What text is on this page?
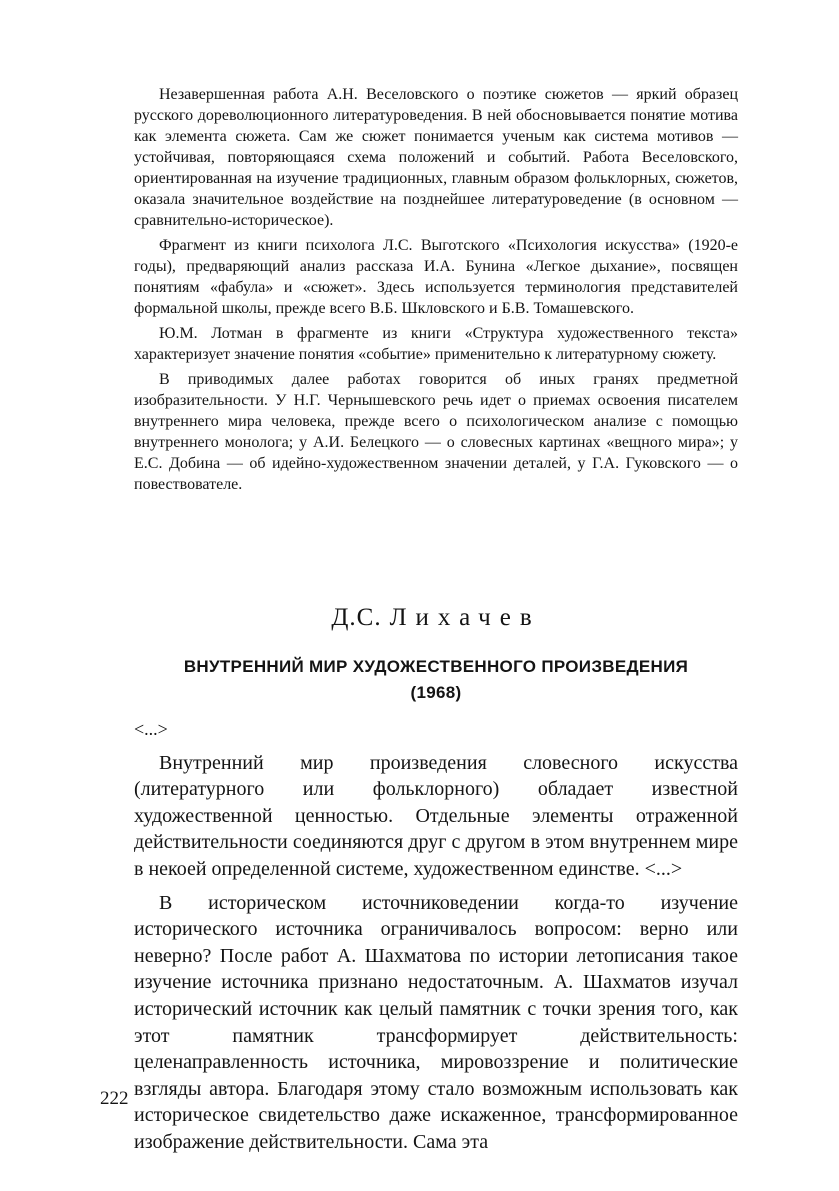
Незавершенная работа А.Н. Веселовского о поэтике сюжетов — яркий образец русского дореволюционного литературоведения. В ней обосновывается понятие мотива как элемента сюжета. Сам же сюжет понимается ученым как система мотивов — устойчивая, повторяющаяся схема положений и событий. Работа Веселовского, ориентированная на изучение традиционных, главным образом фольклорных, сюжетов, оказала значительное воздействие на позднейшее литературоведение (в основном — сравнительно-историческое).

Фрагмент из книги психолога Л.С. Выготского «Психология искусства» (1920-е годы), предваряющий анализ рассказа И.А. Бунина «Легкое дыхание», посвящен понятиям «фабула» и «сюжет». Здесь используется терминология представителей формальной школы, прежде всего В.Б. Шкловского и Б.В. Томашевского.

Ю.М. Лотман в фрагменте из книги «Структура художественного текста» характеризует значение понятия «событие» применительно к литературному сюжету.

В приводимых далее работах говорится об иных гранях предметной изобразительности. У Н.Г. Чернышевского речь идет о приемах освоения писателем внутреннего мира человека, прежде всего о психологическом анализе с помощью внутреннего монолога; у А.И. Белецкого — о словесных картинах «вещного мира»; у Е.С. Добина — об идейно-художественном значении деталей, у Г.А. Гуковского — о повествователе.

Д.С. Лихачев
ВНУТРЕННИЙ МИР ХУДОЖЕСТВЕННОГО ПРОИЗВЕДЕНИЯ
(1968)

<...>

Внутренний мир произведения словесного искусства (литературного или фольклорного) обладает известной художественной ценностью. Отдельные элементы отраженной действительности соединяются друг с другом в этом внутреннем мире в некоей определенной системе, художественном единстве. <...>

В историческом источниковедении когда-то изучение исторического источника ограничивалось вопросом: верно или неверно? После работ А. Шахматова по истории летописания такое изучение источника признано недостаточным. А. Шахматов изучал исторический источник как целый памятник с точки зрения того, как этот памятник трансформирует действительность: целенаправленность источника, мировоззрение и политические взгляды автора. Благодаря этому стало возможным использовать как историческое свидетельство даже искаженное, трансформированное изображение действительности. Сама эта

222
